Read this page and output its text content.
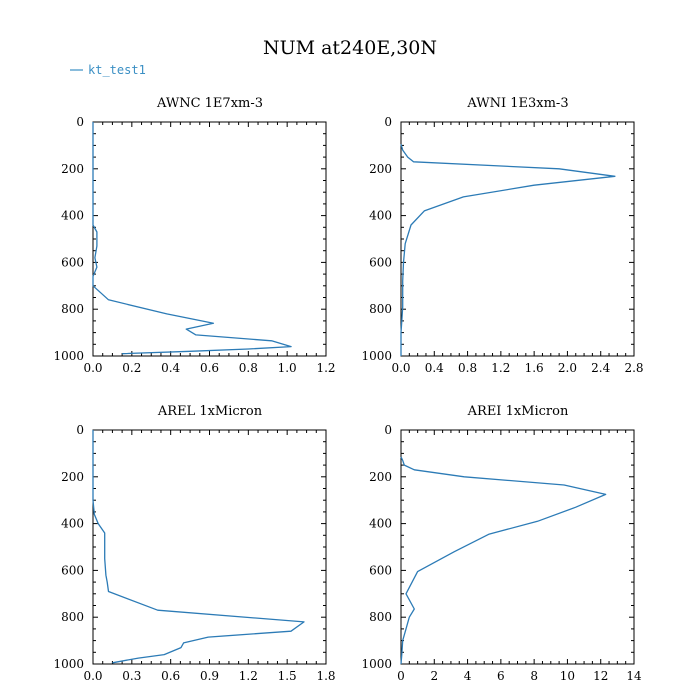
NUM at240E,30N
kt_test1
AWNC 1E7xm-3
0.0 0.2 0.4 0.6 0.8 1.0 1.2
0
200
400
600
800
1000
AWNI 1E3xm-3
0.0 0.4 0.8 1.2 1.6 2.0 2.4 2.8
0
200
400
600
800
1000
AREL 1xMicron
0.0 0.3 0.6 0.9 1.2 1.5 1.8
0
200
400
600
800
1000
AREI 1xMicron
0 2 4 6 8 10 12 14
0
200
400
600
800
1000
